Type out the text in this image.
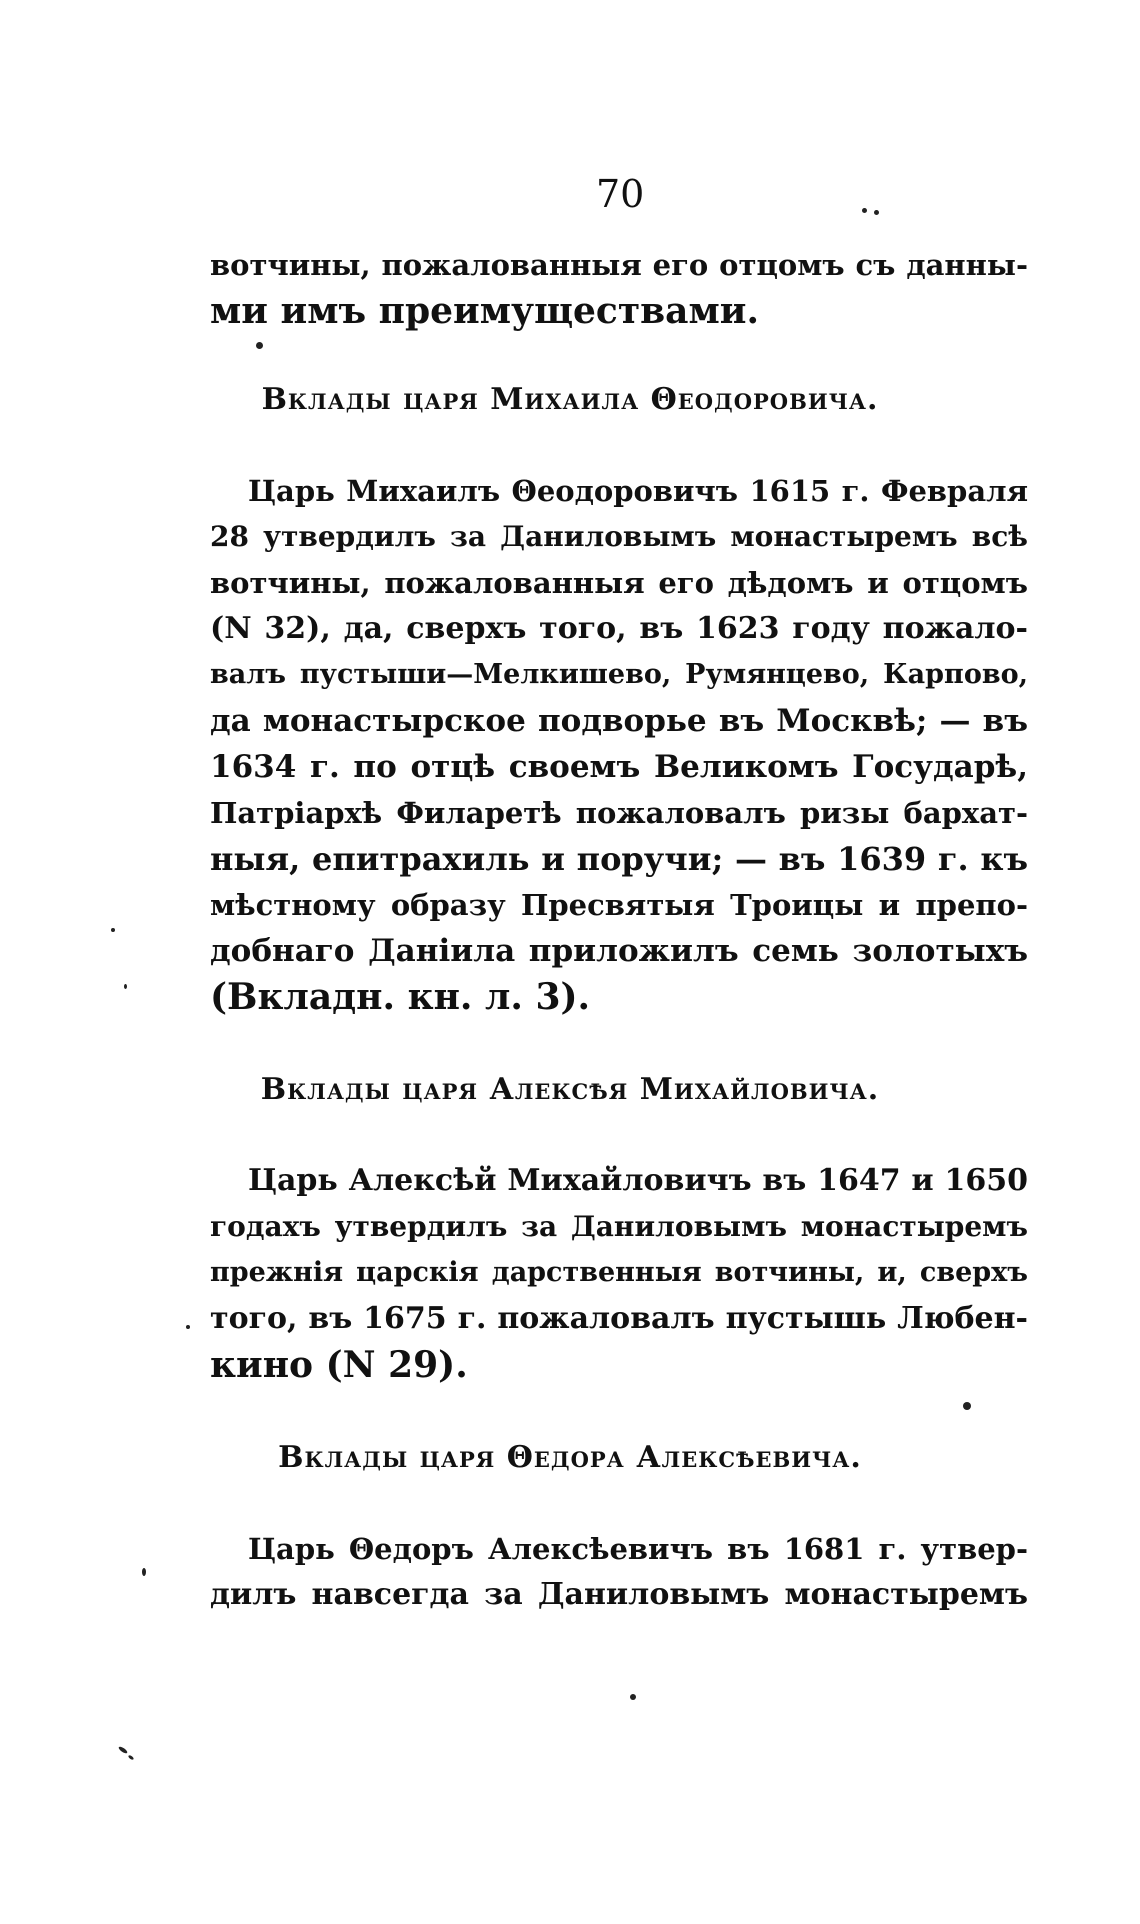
70
вотчины, пожалованныя его отцомъ съ данны-
ми имъ преимуществами.
Вклады царя Михаила Θеодоровича.
Царь Михаилъ Θеодоровичъ 1615 г. Февраля
28 утвердилъ за Даниловымъ монастыремъ всѣ
вотчины, пожалованныя его дѣдомъ и отцомъ
(N 32), да, сверхъ того, въ 1623 году пожало-
валъ пустыши—Мелкишево, Румянцево, Карпово,
да монастырское подворье въ Москвѣ; — въ
1634 г. по отцѣ своемъ Великомъ Государѣ,
Патріархѣ Филаретѣ пожаловалъ ризы бархат-
ныя, епитрахиль и поручи; — въ 1639 г. къ
мѣстному образу Пресвятыя Троицы и препо-
добнаго Даніила приложилъ семь золотыхъ
(Вкладн. кн. л. 3).
Вклады царя Алексѣя Михайловича.
Царь Алексѣй Михайловичъ въ 1647 и 1650
годахъ утвердилъ за Даниловымъ монастыремъ
прежнія царскія дарственныя вотчины, и, сверхъ
того, въ 1675 г. пожаловалъ пустышь Любен-
кино (N 29).
Вклады царя Θедора Алексѣевича.
Царь Θедоръ Алексѣевичъ въ 1681 г. утвер-
дилъ навсегда за Даниловымъ монастыремъ
